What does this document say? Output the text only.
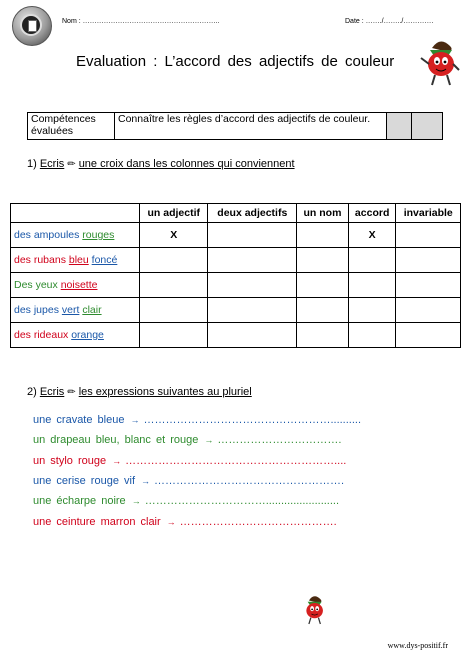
Nom : …………………………………………………..	Date : ……./……../………….
Evaluation : L’accord des adjectifs de couleur
Compétences évaluées	Connaître les règles d’accord des adjectifs de couleur.		
1) Ecris ✏ une croix dans les colonnes qui conviennent
	un adjectif	deux adjectifs	un nom	accord	invariable
des ampoules rouges	X			X	
des rubans bleu foncé					
Des yeux noisette					
des jupes vert clair					
des rideaux orange					
2) Ecris ✏ les expressions suivantes au pluriel
une cravate bleue → ……………………………………………..........
un drapeau bleu, blanc et rouge → …………………………….
un stylo rouge → …………………………………………………....
une cerise rouge vif → …………………………………………….
une écharpe noire → ……………………………........................
une ceinture marron clair → …………………………………….
www.dys-positif.fr
